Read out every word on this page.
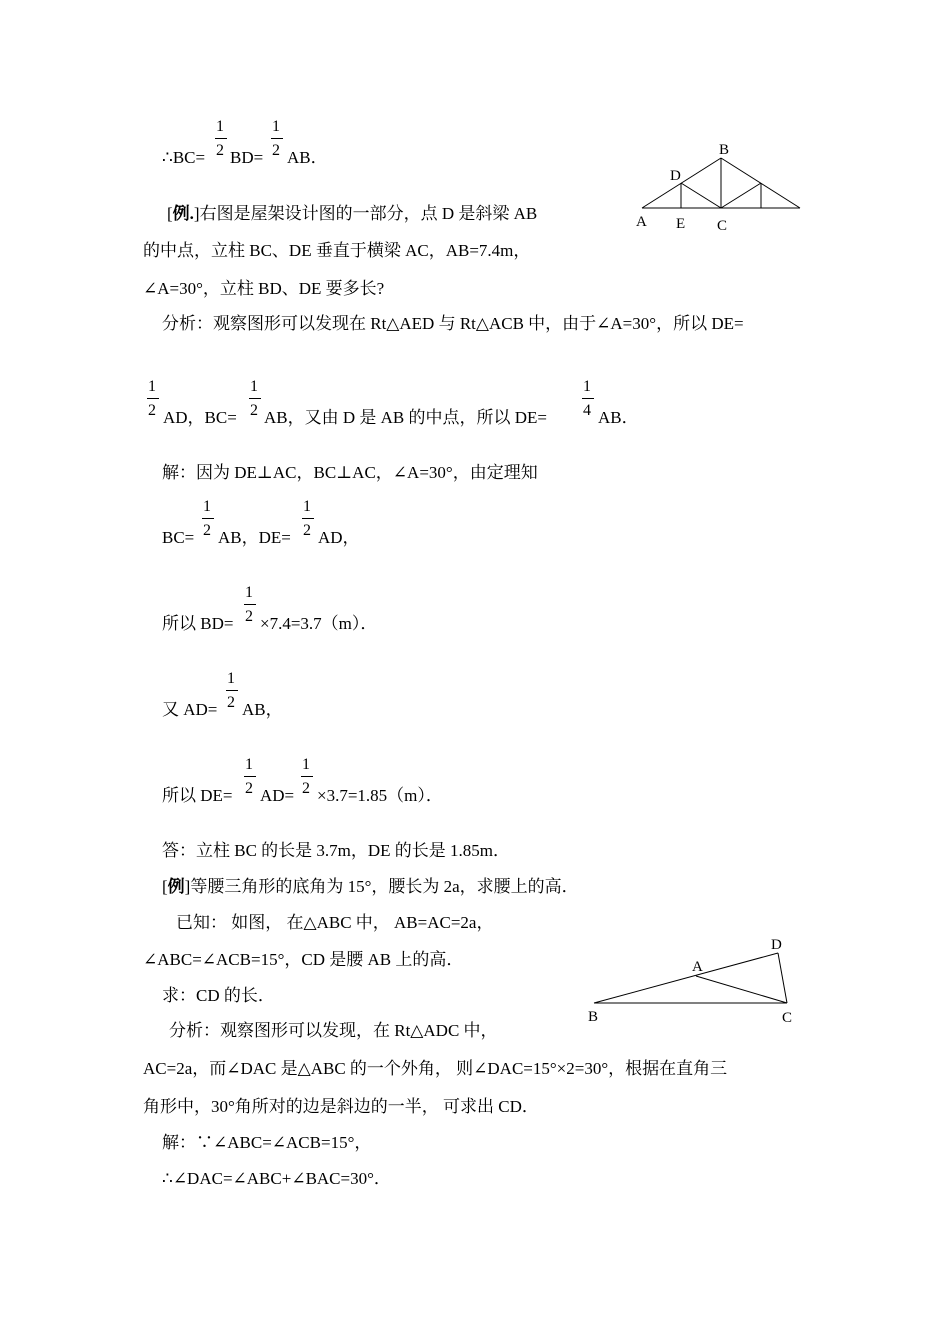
∴BC=
1
2 BD=
1
2 AB．	B
D
A E C
[例.]右图是屋架设计图的一部分，点 D 是斜梁 AB
的中点，立柱 BC、DE 垂直于横梁 AC，AB=7.4m，
∠A=30°，立柱 BD、DE 要多长?
分析：观察图形可以发现在 Rt△AED 与 Rt△ACB 中，由于∠A=30°，所以 DE=
1
2 AD，BC=
1
2 AB，又由 D 是 AB 的中点，所以 DE=
1
4 AB．
解：因为 DE⊥AC，BC⊥AC，∠A=30°，由定理知
BC=
1
2 AB，DE=
1
2 AD，
所以 BD=
1
2 ×7.4=3.7（m）．
又 AD=
1
2 AB，
所以 DE=
1
2 AD=
1
2 ×3.7=1.85（m）．
答：立柱 BC 的长是 3.7m，DE 的长是 1.85m．
[例]等腰三角形的底角为 15°，腰长为 2a，求腰上的高．
已知： 如图， 在△ABC 中， AB=AC=2a，
∠ABC=∠ACB=15°，CD 是腰 AB 上的高．
求：CD 的长．
分析：观察图形可以发现，在 Rt△ADC 中，
AC=2a，而∠DAC 是△ABC 的一个外角， 则∠DAC=15°×2=30°，根据在直角三
角形中，30°角所对的边是斜边的一半， 可求出 CD．
解：∵∠ABC=∠ACB=15°，
∴∠DAC=∠ABC+∠BAC=30°．
D
A
B	C
